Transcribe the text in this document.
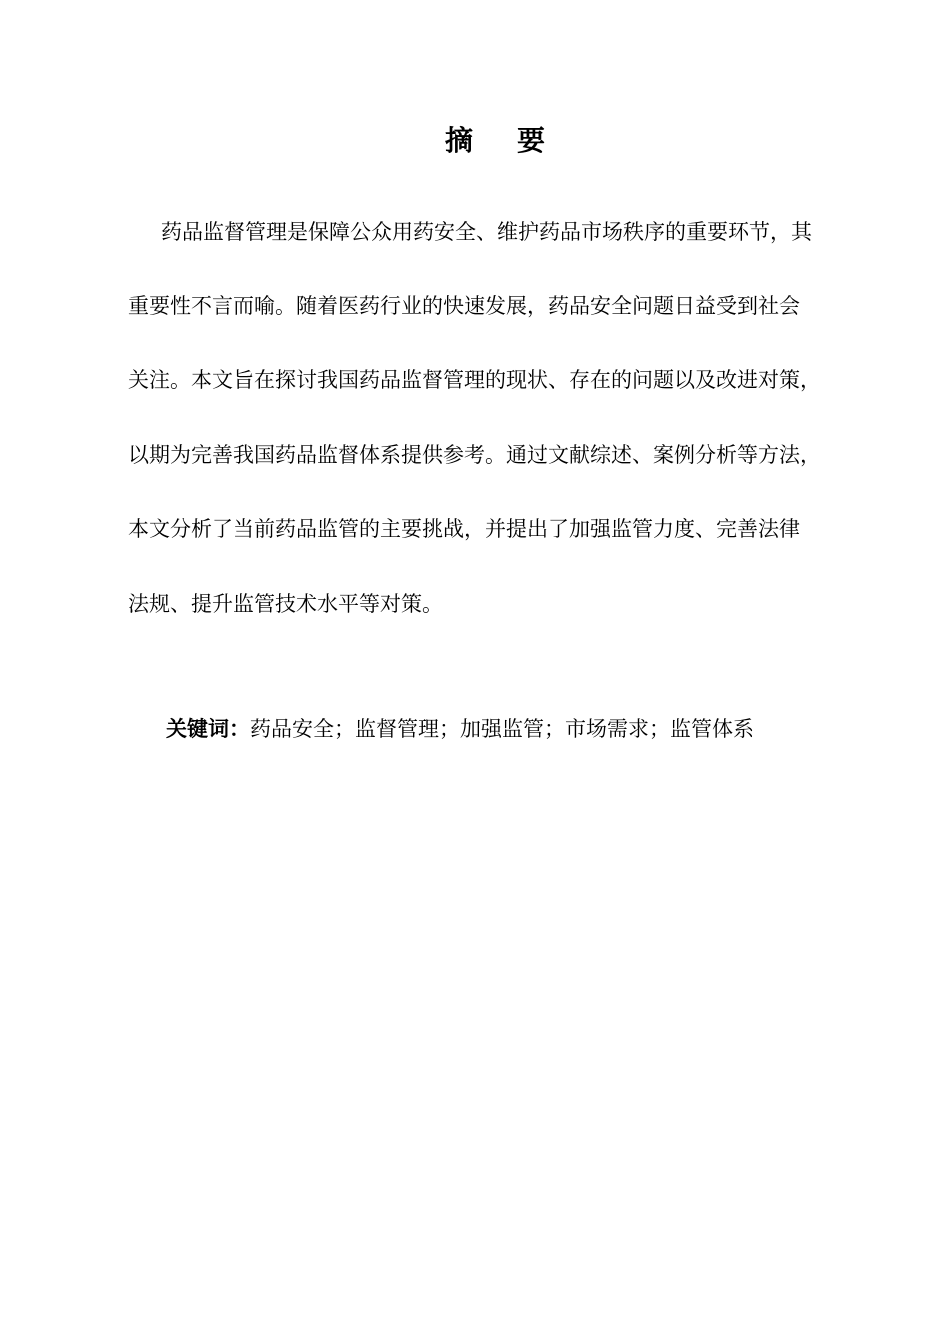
摘 要
药品监督管理是保障公众用药安全、维护药品市场秩序的重要环节，其
重要性不言而喻。随着医药行业的快速发展，药品安全问题日益受到社会
关注。本文旨在探讨我国药品监督管理的现状、存在的问题以及改进对策，
以期为完善我国药品监督体系提供参考。通过文献综述、案例分析等方法，
本文分析了当前药品监管的主要挑战，并提出了加强监管力度、完善法律
法规、提升监管技术水平等对策。
关键词：药品安全；监督管理；加强监管；市场需求；监管体系
